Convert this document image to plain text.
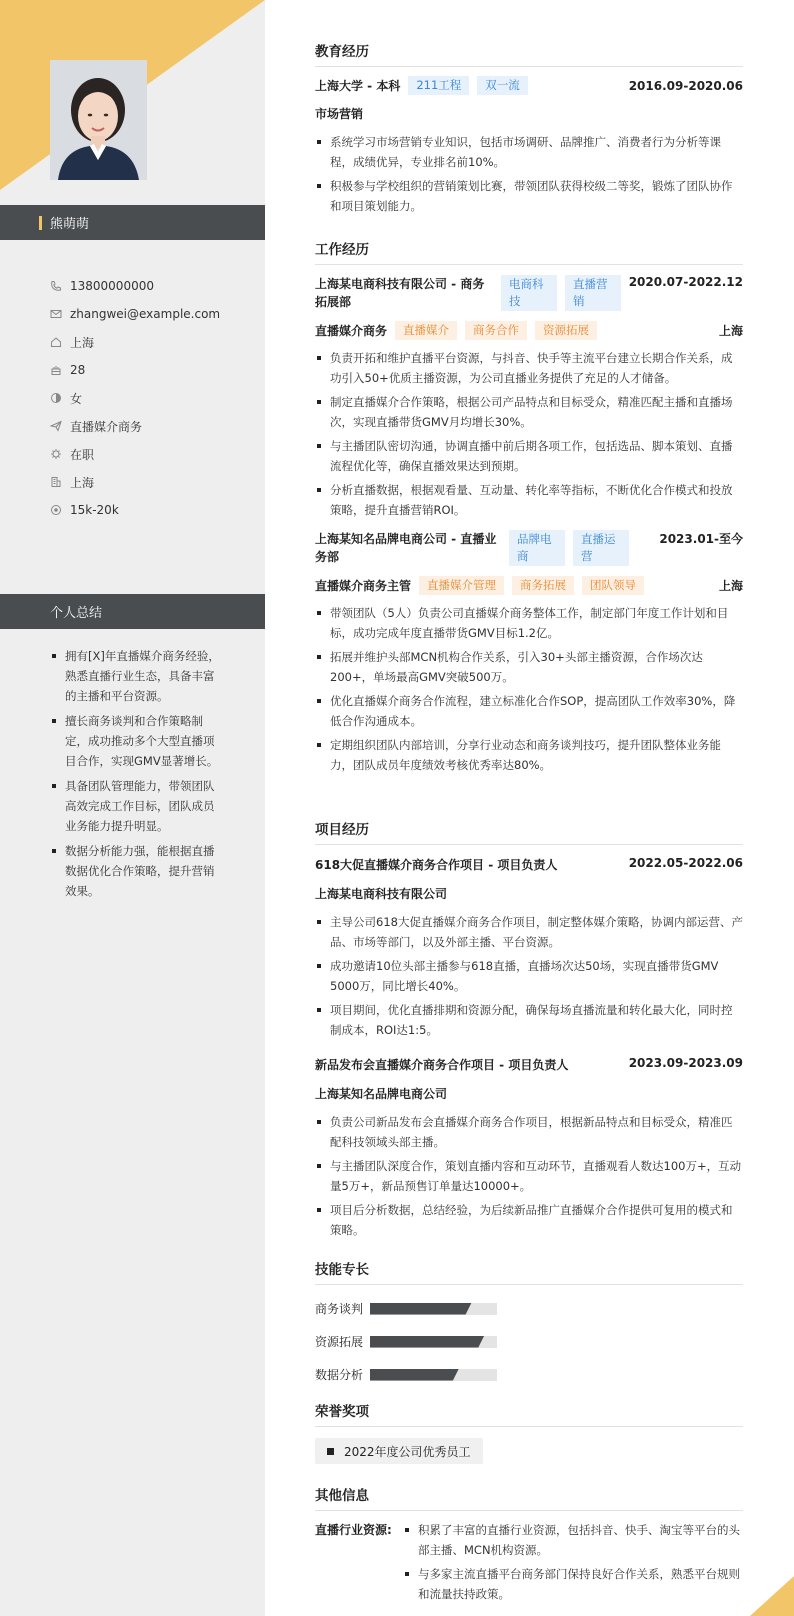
熊萌萌
13800000000
zhangwei@example.com
上海
28
女
直播媒介商务
在职
上海
15k-20k
个人总结
拥有[X]年直播媒介商务经验，熟悉直播行业生态，具备丰富的主播和平台资源。
擅长商务谈判和合作策略制定，成功推动多个大型直播项目合作，实现GMV显著增长。
具备团队管理能力，带领团队高效完成工作目标，团队成员业务能力提升明显。
数据分析能力强，能根据直播数据优化合作策略，提升营销效果。
教育经历
上海大学 - 本科	211工程	双一流	2016.09-2020.06
市场营销
系统学习市场营销专业知识，包括市场调研、品牌推广、消费者行为分析等课程，成绩优异，专业排名前10%。
积极参与学校组织的营销策划比赛，带领团队获得校级二等奖，锻炼了团队协作和项目策划能力。
工作经历
上海某电商科技有限公司 - 商务拓展部
电商科技
直播营销
2020.07-2022.12
直播媒介商务	直播媒介	商务合作	资源拓展	上海
负责开拓和维护直播平台资源，与抖音、快手等主流平台建立长期合作关系，成功引入50+优质主播资源，为公司直播业务提供了充足的人才储备。
制定直播媒介合作策略，根据公司产品特点和目标受众，精准匹配主播和直播场次，实现直播带货GMV月均增长30%。
与主播团队密切沟通，协调直播中前后期各项工作，包括选品、脚本策划、直播流程优化等，确保直播效果达到预期。
分析直播数据，根据观看量、互动量、转化率等指标，不断优化合作模式和投放策略，提升直播营销ROI。
上海某知名品牌电商公司 - 直播业务部
品牌电商
直播运营
2023.01-至今
直播媒介商务主管	直播媒介管理	商务拓展	团队领导	上海
带领团队（5人）负责公司直播媒介商务整体工作，制定部门年度工作计划和目标，成功完成年度直播带货GMV目标1.2亿。
拓展并维护头部MCN机构合作关系，引入30+头部主播资源，合作场次达200+，单场最高GMV突破500万。
优化直播媒介商务合作流程，建立标准化合作SOP，提高团队工作效率30%，降低合作沟通成本。
定期组织团队内部培训，分享行业动态和商务谈判技巧，提升团队整体业务能力，团队成员年度绩效考核优秀率达80%。
项目经历
618大促直播媒介商务合作项目 - 项目负责人	2022.05-2022.06
上海某电商科技有限公司
主导公司618大促直播媒介商务合作项目，制定整体媒介策略，协调内部运营、产品、市场等部门，以及外部主播、平台资源。
成功邀请10位头部主播参与618直播，直播场次达50场，实现直播带货GMV 5000万，同比增长40%。
项目期间，优化直播排期和资源分配，确保每场直播流量和转化最大化，同时控制成本，ROI达1:5。
新品发布会直播媒介商务合作项目 - 项目负责人	2023.09-2023.09
上海某知名品牌电商公司
负责公司新品发布会直播媒介商务合作项目，根据新品特点和目标受众，精准匹配科技领域头部主播。
与主播团队深度合作，策划直播内容和互动环节，直播观看人数达100万+，互动量5万+，新品预售订单量达10000+。
项目后分析数据，总结经验，为后续新品推广直播媒介合作提供可复用的模式和策略。
技能专长
商务谈判
资源拓展
数据分析
荣誉奖项
2022年度公司优秀员工
其他信息
直播行业资源:	积累了丰富的直播行业资源，包括抖音、快手、淘宝等平台的头部主播、MCN机构资源。
与多家主流直播平台商务部门保持良好合作关系，熟悉平台规则和流量扶持政策。
